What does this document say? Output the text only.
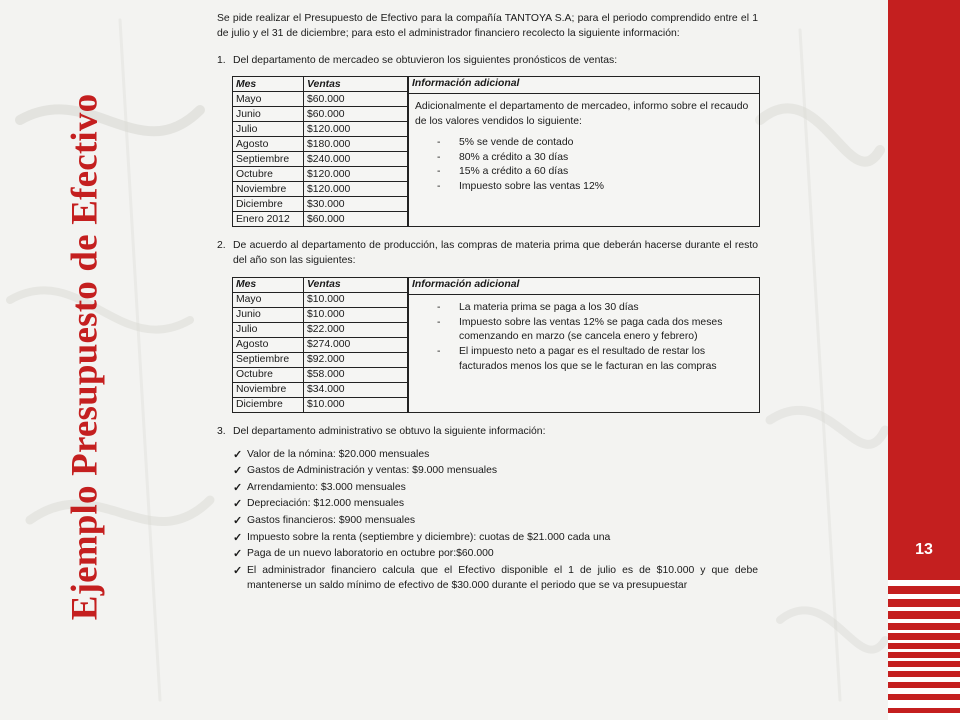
Ejemplo Presupuesto de Efectivo	13

Se pide realizar el Presupuesto de Efectivo para la compañía TANTOYA S.A; para el periodo comprendido entre el 1 de julio y el 31 de diciembre; para esto el administrador financiero recolecto la siguiente información:

1. Del departamento de mercadeo se obtuvieron los siguientes pronósticos de ventas:
Mes	Ventas
Mayo	$60.000
Junio	$60.000
Julio	$120.000
Agosto	$180.000
Septiembre	$240.000
Octubre	$120.000
Noviembre	$120.000
Diciembre	$30.000
Enero 2012	$60.000
Información adicional

Adicionalmente el departamento de mercadeo, informo sobre el recaudo de los valores vendidos lo siguiente:

-	5% se vende de contado
-	80% a crédito a 30 días
-	15% a crédito a 60 días
-	Impuesto sobre las ventas 12%
2. De acuerdo al departamento de producción, las compras de materia prima que deberán hacerse durante el resto del año son las siguientes:
Mes	Ventas
Mayo	$10.000
Junio	$10.000
Julio	$22.000
Agosto	$274.000
Septiembre	$92.000
Octubre	$58.000
Noviembre	$34.000
Diciembre	$10.000
Información adicional
-	La materia prima se paga a los 30 días
-	Impuesto sobre las ventas 12% se paga cada dos meses comenzando en marzo (se cancela enero y febrero)
-	El impuesto neto a pagar es el resultado de restar los facturados menos los que se le facturan en las compras
3. Del departamento administrativo se obtuvo la siguiente información:
✓ Valor de la nómina: $20.000 mensuales
✓ Gastos de Administración y ventas: $9.000 mensuales
✓ Arrendamiento: $3.000 mensuales
✓ Depreciación: $12.000 mensuales
✓ Gastos financieros: $900 mensuales
✓ Impuesto sobre la renta (septiembre y diciembre): cuotas de $21.000 cada una
✓ Paga de un nuevo laboratorio en octubre por:$60.000
✓ El administrador financiero calcula que el Efectivo disponible el 1 de julio es de $10.000 y que debe mantenerse un saldo mínimo de efectivo de $30.000 durante el periodo que se va presupuestar
